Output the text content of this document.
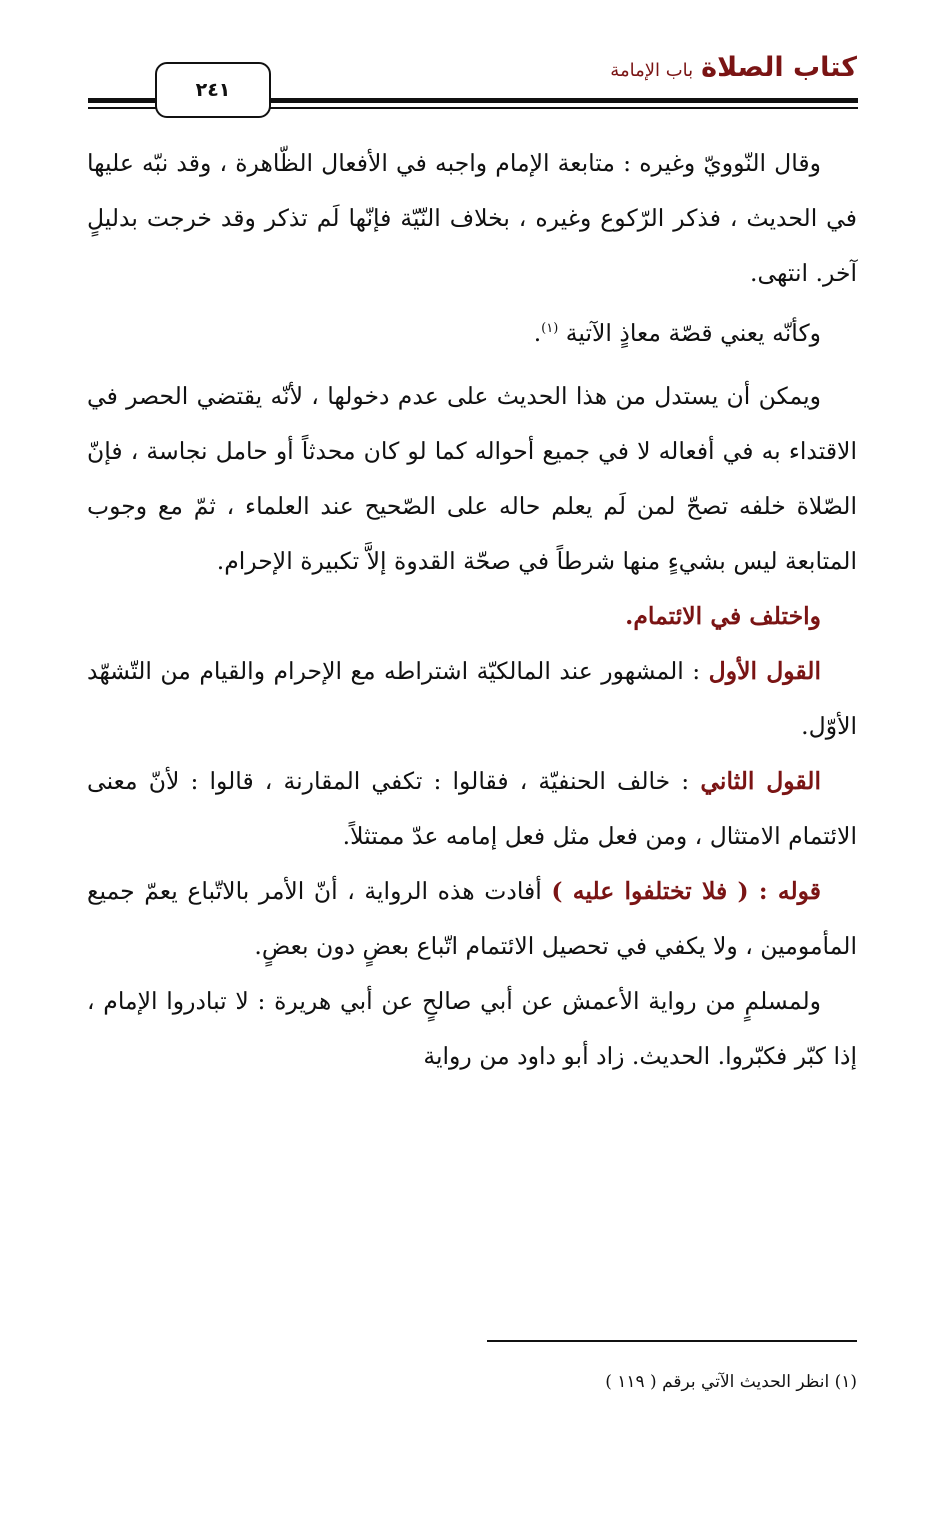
كتاب الصلاةباب الإمامة
٢٤١

وقال النّوويّ وغيره : متابعة الإمام واجبه في الأفعال الظّاهرة ، وقد نبّه عليها في الحديث ، فذكر الرّكوع وغيره ، بخلاف النّيّة فإنّها لَم تذكر وقد خرجت بدليلٍ آخر. انتهى.

وكأنّه يعني قصّة معاذٍ الآتية $^{(١)}$.

ويمكن أن يستدل من هذا الحديث على عدم دخولها ، لأنّه يقتضي الحصر في الاقتداء به في أفعاله لا في جميع أحواله كما لو كان محدثاً أو حامل نجاسة ، فإنّ الصّلاة خلفه تصحّ لمن لَم يعلم حاله على الصّحيح عند العلماء ، ثمّ مع وجوب المتابعة ليس بشيءٍ منها شرطاً في صحّة القدوة إلاَّ تكبيرة الإحرام.

واختلف في الائتمام.

القول الأول : المشهور عند المالكيّة اشتراطه مع الإحرام والقيام من التّشهّد الأوّل.

القول الثاني : خالف الحنفيّة ، فقالوا : تكفي المقارنة ، قالوا : لأنّ معنى الائتمام الامتثال ، ومن فعل مثل فعل إمامه عدّ ممتثلاً.

قوله : ( فلا تختلفوا عليه ) أفادت هذه الرواية ، أنّ الأمر بالاتّباع يعمّ جميع المأمومين ، ولا يكفي في تحصيل الائتمام اتّباع بعضٍ دون بعضٍ.

ولمسلمٍ من رواية الأعمش عن أبي صالحٍ عن أبي هريرة : لا تبادروا الإمام ، إذا كبّر فكبّروا. الحديث. زاد أبو داود من رواية

(١) انظر الحديث الآتي برقم ( ١١٩ )
